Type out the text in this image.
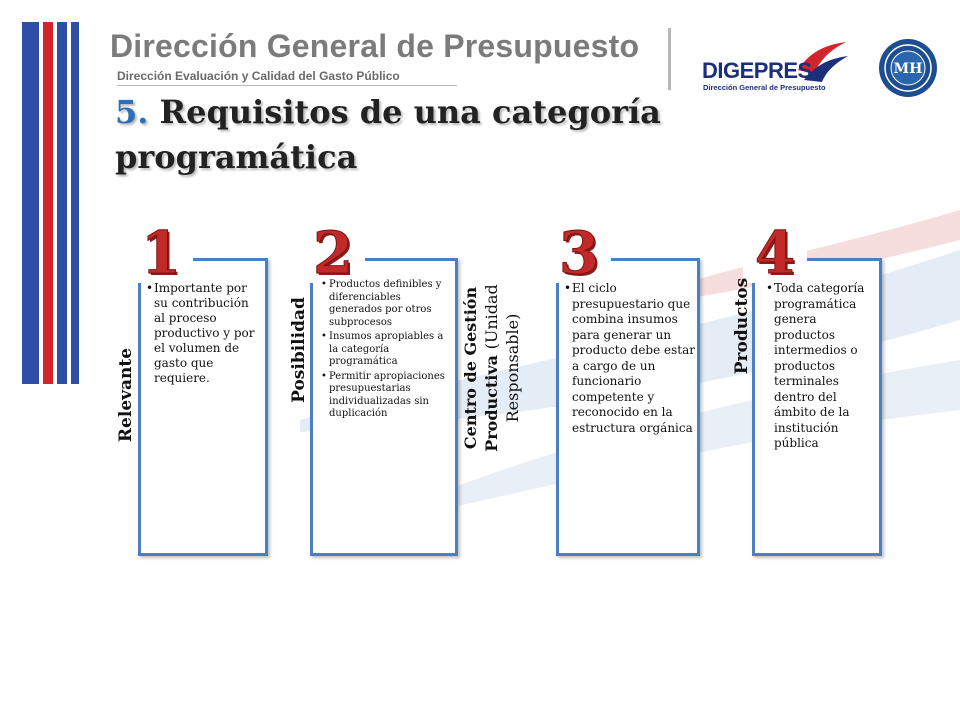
Dirección General de Presupuesto
Dirección Evaluación y Calidad del Gasto Público	DIGEPRES
Dirección General de Presupuesto
MH
5. Requisitos de una categoría
programática
1
Relevante
• Importante por su contribución al proceso productivo y por el volumen de gasto que requiere.
2
Posibilidad
• Productos definibles y diferenciables generados por otros subprocesos
• Insumos apropiables a la categoría programática
• Permitir apropiaciones presupuestarias individualizadas sin duplicación
3
Centro de Gestión Productiva (Unidad Responsable)
• El ciclo presupuestario que combina insumos para generar un producto debe estar a cargo de un funcionario competente y reconocido en la estructura orgánica
4
Productos
•	Toda categoría programática genera productos intermedios o productos terminales dentro del ámbito de la institución pública
